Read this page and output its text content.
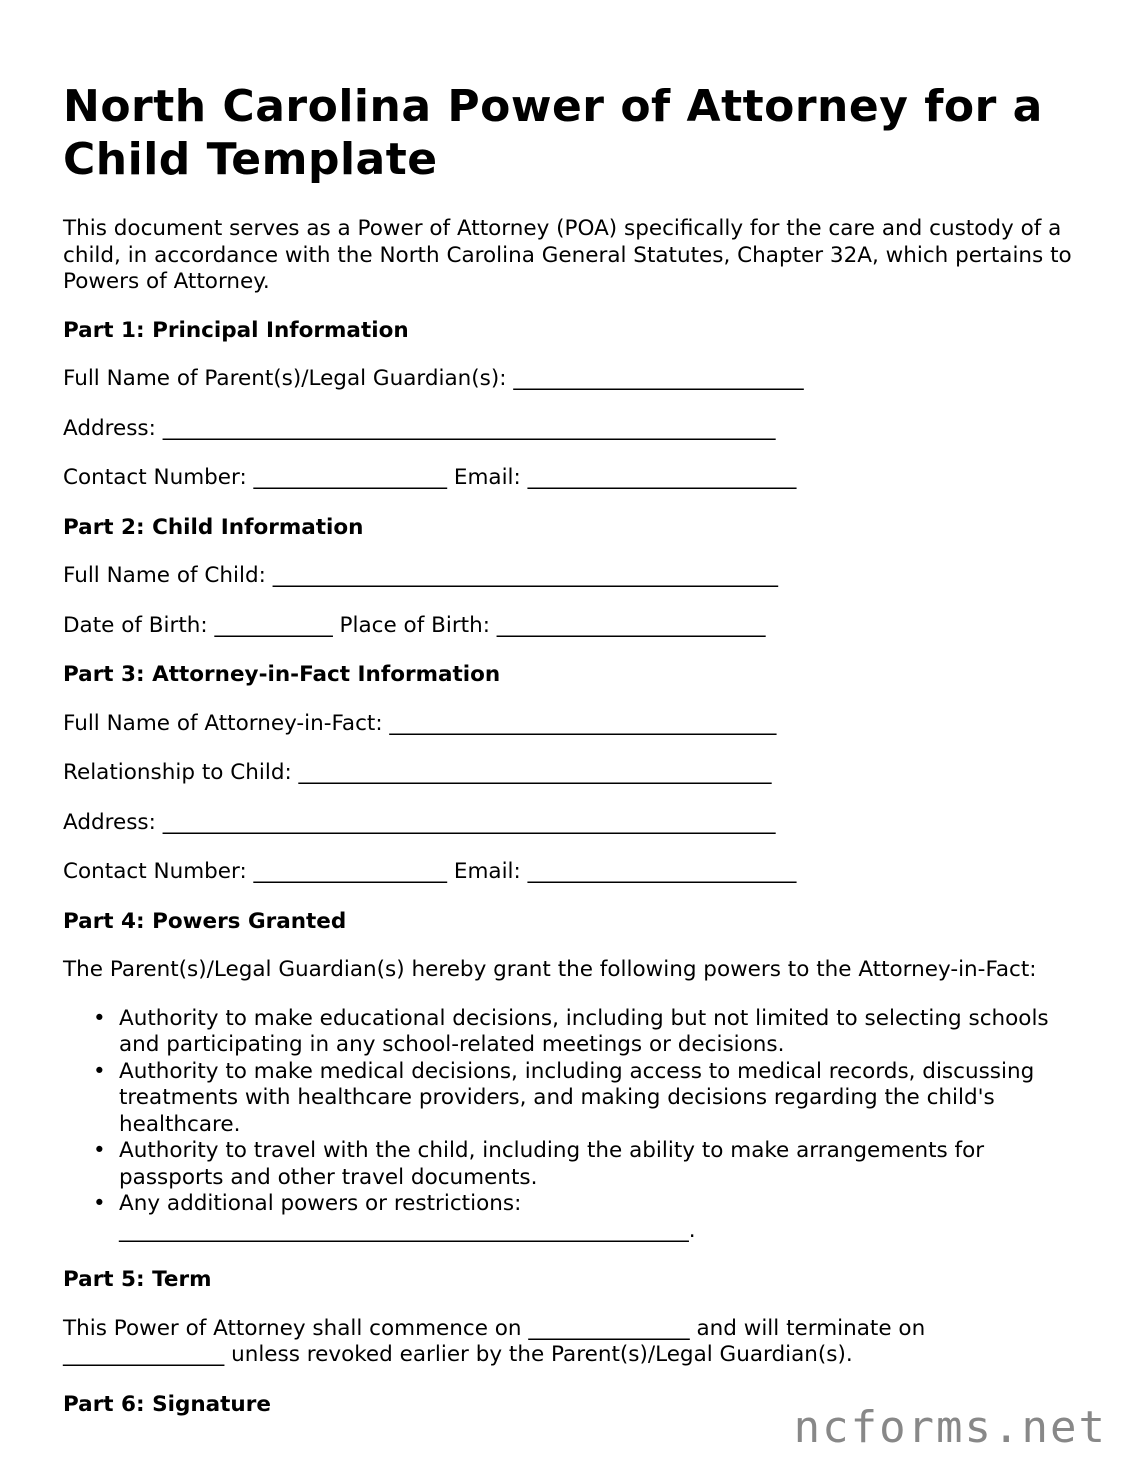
North Carolina Power of Attorney for a Child Template

This document serves as a Power of Attorney (POA) specifically for the care and custody of a child, in accordance with the North Carolina General Statutes, Chapter 32A, which pertains to Powers of Attorney.

Part 1: Principal Information

Full Name of Parent(s)/Legal Guardian(s): ___________________________

Address: _________________________________________________________

Contact Number: __________________ Email: _________________________

Part 2: Child Information

Full Name of Child: _______________________________________________

Date of Birth: ___________ Place of Birth: _________________________

Part 3: Attorney-in-Fact Information

Full Name of Attorney-in-Fact: ____________________________________

Relationship to Child: ____________________________________________

Address: _________________________________________________________

Contact Number: __________________ Email: _________________________

Part 4: Powers Granted

The Parent(s)/Legal Guardian(s) hereby grant the following powers to the Attorney-in-Fact:

• Authority to make educational decisions, including but not limited to selecting schools and participating in any school-related meetings or decisions.
• Authority to make medical decisions, including access to medical records, discussing treatments with healthcare providers, and making decisions regarding the child's healthcare.
• Authority to travel with the child, including the ability to make arrangements for passports and other travel documents.
• Any additional powers or restrictions:
_____________________________________________________.

Part 5: Term

This Power of Attorney shall commence on _______________ and will terminate on
_______________ unless revoked earlier by the Parent(s)/Legal Guardian(s).

Part 6: Signature	ncforms.net
